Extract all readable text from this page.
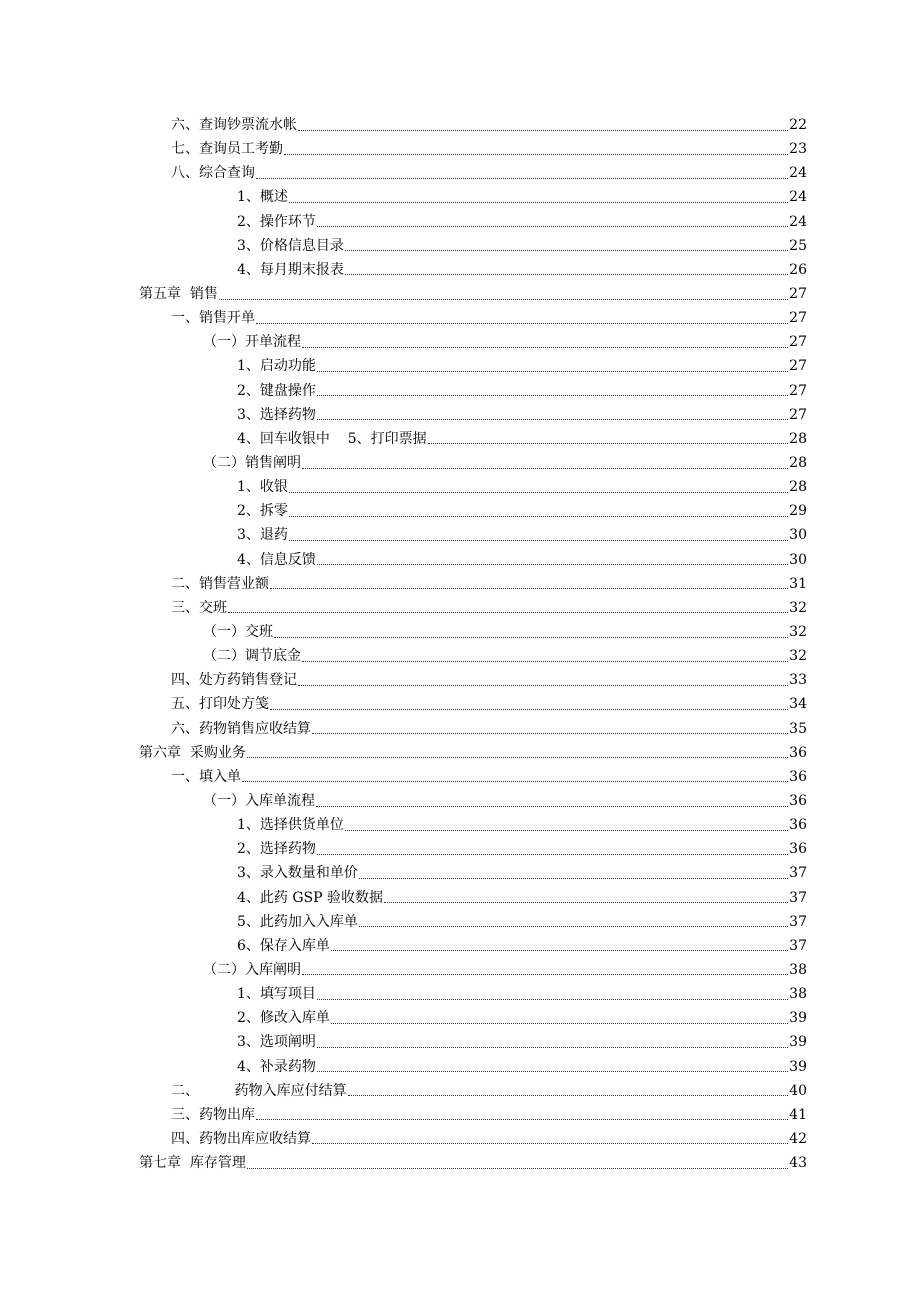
六、查询钞票流水帐	22
七、查询员工考勤	23
八、综合查询	24
1、概述	24
2、操作环节	24
3、价格信息目录	25
4、每月期末报表	26
第五章  销售	27
一、销售开单	27
（一）开单流程	27
1、启动功能	27
2、键盘操作	27
3、选择药物	27
4、回车收银中    5、打印票据	28
（二）销售阐明	28
1、收银	28
2、拆零	29
3、退药	30
4、信息反馈	30
二、销售营业额	31
三、交班	32
（一）交班	32
（二）调节底金	32
四、处方药销售登记	33
五、打印处方笺	34
六、药物销售应收结算	35
第六章  采购业务	36
一、填入单	36
（一）入库单流程	36
1、选择供货单位	36
2、选择药物	36
3、录入数量和单价	37
4、此药 GSP 验收数据	37
5、此药加入入库单	37
6、保存入库单	37
（二）入库阐明	38
1、填写项目	38
2、修改入库单	39
3、选项阐明	39
4、补录药物	39
二、        药物入库应付结算	40
三、药物出库	41
四、药物出库应收结算	42
第七章  库存管理	43
